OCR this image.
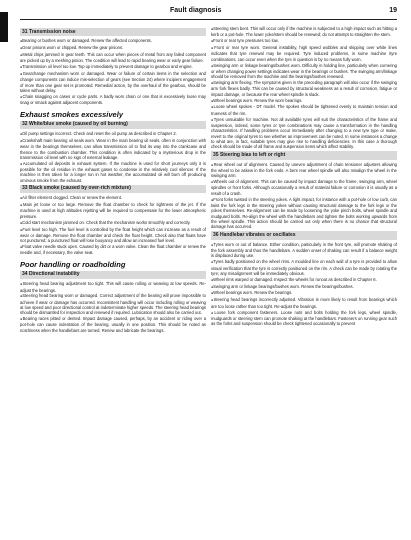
Fault diagnosis	19
31 Transmission noise

● Bearing or bushes worn or damaged. Renew the affected components.

● Gear pinions worn or chipped. Renew the gear pinions.

● Metal chips jammed in gear teeth. This can occur when pieces of metal from any failed component are picked up by a meshing pinion. The condition will lead to rapid bearing wear or early gear failure.

● Transmission oil level too low. Top up immediately to prevent damage to gearbox and engine.

● Gearchange mechanism worn or damaged. Wear or failure of certain items in the selection and change components can induce mis-selection of gears (see Section 24) where incipient engagement of more than one gear set is promoted. Remedial action, by the overhaul of the gearbox, should be taken without delay.

● Chain snagging on cases or cycle parts. A badly worn chain or one that is excessively loose may snag or smack against adjacent components.

Exhaust smokes excessively
32 White/blue smoke (caused by oil burning)

● Oil pump settings incorrect. Check and reset the oil pump as described in Chapter 2.

● Crankshaft main bearing oil seals worn. Wear in the main bearing oil seals, often in conjunction with wear in the bearings themselves, can allow transmission oil to find its way into the crankcase and thence to the combustion chamber. This condition is often indicated by a mysterious drop in the transmission oil level with no sign of external leakage.

● Accumulated oil deposits in exhaust system. If the machine is used for short journeys only it is possible for the oil residue in the exhaust gases to condense in the relatively cool silencer. If the machine is then taken for a longer run in hot weather, the accumulated oil will burn off producing ominous smoke from the exhaust.

33 Black smoke (caused by over-rich mixture)

● Air filter element clogged. Clean or renew the element.

● Main jet loose or too large. Remove the float chamber to check for tightness of the jet. If the machine is used at high altitudes rejetting will be required to compensate for the lower atmospheric pressure.

● Cold start mechanism jammed on. Check that the mechanism works smoothly and correctly.

● Fuel level too high. The fuel level is controlled by the float height which can increase as a result of wear or damage. Remove the float chamber and check the float height. Check also that floats have not punctured; a punctured float will lose buoyancy and allow an increased fuel level.

● Float valve needle stuck open. Caused by dirt or a worn valve. Clean the float chamber or renew the needle and, if necessary, the valve seat.

Poor handling or roadholding
34 Directional instability

● Steering head bearing adjustment too tight. This will cause rolling or weaving at low speeds. Re-adjust the bearings.

● Steering head bearing worn or damaged. Correct adjustment of the bearing will prove impossible to achieve if wear or damage has occurred. Inconsistent handling will occur including rolling or weaving at low speed and poor directional control at indeterminate higher speeds. The steering head bearings should be dismantled for inspection and renewed if required. Lubrication should also be carried out.

● Bearing races pitted or dented. Impact damage caused, perhaps, by an accident or riding over a pot-hole can cause indentation of the bearing, usually in one position. This should be noted as notchiness when the handlebars are turned. Renew and lubricate the bearings.

● Steering stem bent. This will occur only if the machine is subjected to a high impact such as hitting a kerb or a pot-hole. The lower yoke/stem should be renewed; do not attempt to straighten the stem.

● Front or rear tyre pressures too low.

● Front or rear tyre worn. General instability, high speed wobbles and skipping over white lines indicates that tyre renewal may be required. Tyre induced problems, in some machine /tyre combinations, can occur even when the tyre in question is by no means fully worn.

● Swinging arm or linkage bearings/bushes worn. Difficulty in holding line, particularly when cornering or when changing power settings indicates wear in the bearings or bushes. The swinging arm/linkage should be removed from the machine and the bearings/bushes renewed.

● Swinging arm flexing. The symptoms given in the preceding paragraph will also occur if the swinging arm fork flexes badly. This can be caused by structural weakness as a result of corrosion, fatigue or impact damage, or because the rear wheel spindle is slack.

● Wheel bearings worn. Renew the worn bearings.

● Loose wheel spokes - DT model. The spokes should be tightened evenly to maintain tension and trueness of the rim.

● Tyres unsuitable for machine. Not all available tyres will suit the characteristics of the frame and suspension, indeed, some tyres or tyre combinations may cause a transformation in the handling characteristics. If handling problems occur immediately after changing to a new tyre type or make, revert to the original tyres to see whether an improvement can be noted. In some instances a change to what are, in fact, suitable tyres may give rise to handling deficiencies. In this case a thorough check should be made of all frame and suspension items which affect stability.

35 Steering bias to left or right

● Rear wheel out of alignment. Caused by uneven adjustment of chain tensioner adjusters allowing the wheel to be askew in the fork ends. A bent rear wheel spindle will also misalign the wheel in the swinging arm.

● Wheels out of alignment. This can be caused by impact damage to the frame, swinging arm, wheel spindles or front forks. Although occasionally a result of material failure or corrosion it is usually as a result of a crash.

● Front forks twisted in the steering yokes. A light impact, for instance with a pot-hole or low curb, can twist the fork legs in the steering yokes without causing structural damage to the fork legs or the yokes themselves. Re-alignment can be made by loosening the yoke pinch bolts, wheel spindle and mudguard bolts. Re-align the wheel with the handlebars and tighten the bolts working upwards from the wheel spindle. This action should be carried out only when there is no chance that structural damage has occurred.

36 Handlebar vibrates or oscillates

● Tyres worn or out of balance. Either condition, particularly in the front tyre, will promote shaking of the fork assembly and thus the handlebars. A sudden onset of shaking can result if a balance weight is displaced during use.

● Tyres badly positioned on the wheel rims. A moulded line on each wall of a tyre is provided to allow visual verification that the tyre is correctly positioned on the rim. A check can be made by rotating the tyre; any misalignment will be immediately obvious.

● Wheel rims warped or damaged. Inspect the wheels for runout as described in Chapter 6.

● Swinging arm or linkage bearings/bushes worn. Renew the bearings/bushes.

● Wheel bearings worn. Renew the bearings.

● Steering head bearings incorrectly adjusted. Vibration is more likely to result from bearings which are too loose rather than too tight. Re-adjust the bearings.

● Loose fork component fasteners. Loose nuts and bolts holding the fork legs, wheel spindle, mudguards or steering stem can promote shaking at the handlebars. Fasteners on running gear such as the forks and suspension should be check tightened occasionally to prevent
